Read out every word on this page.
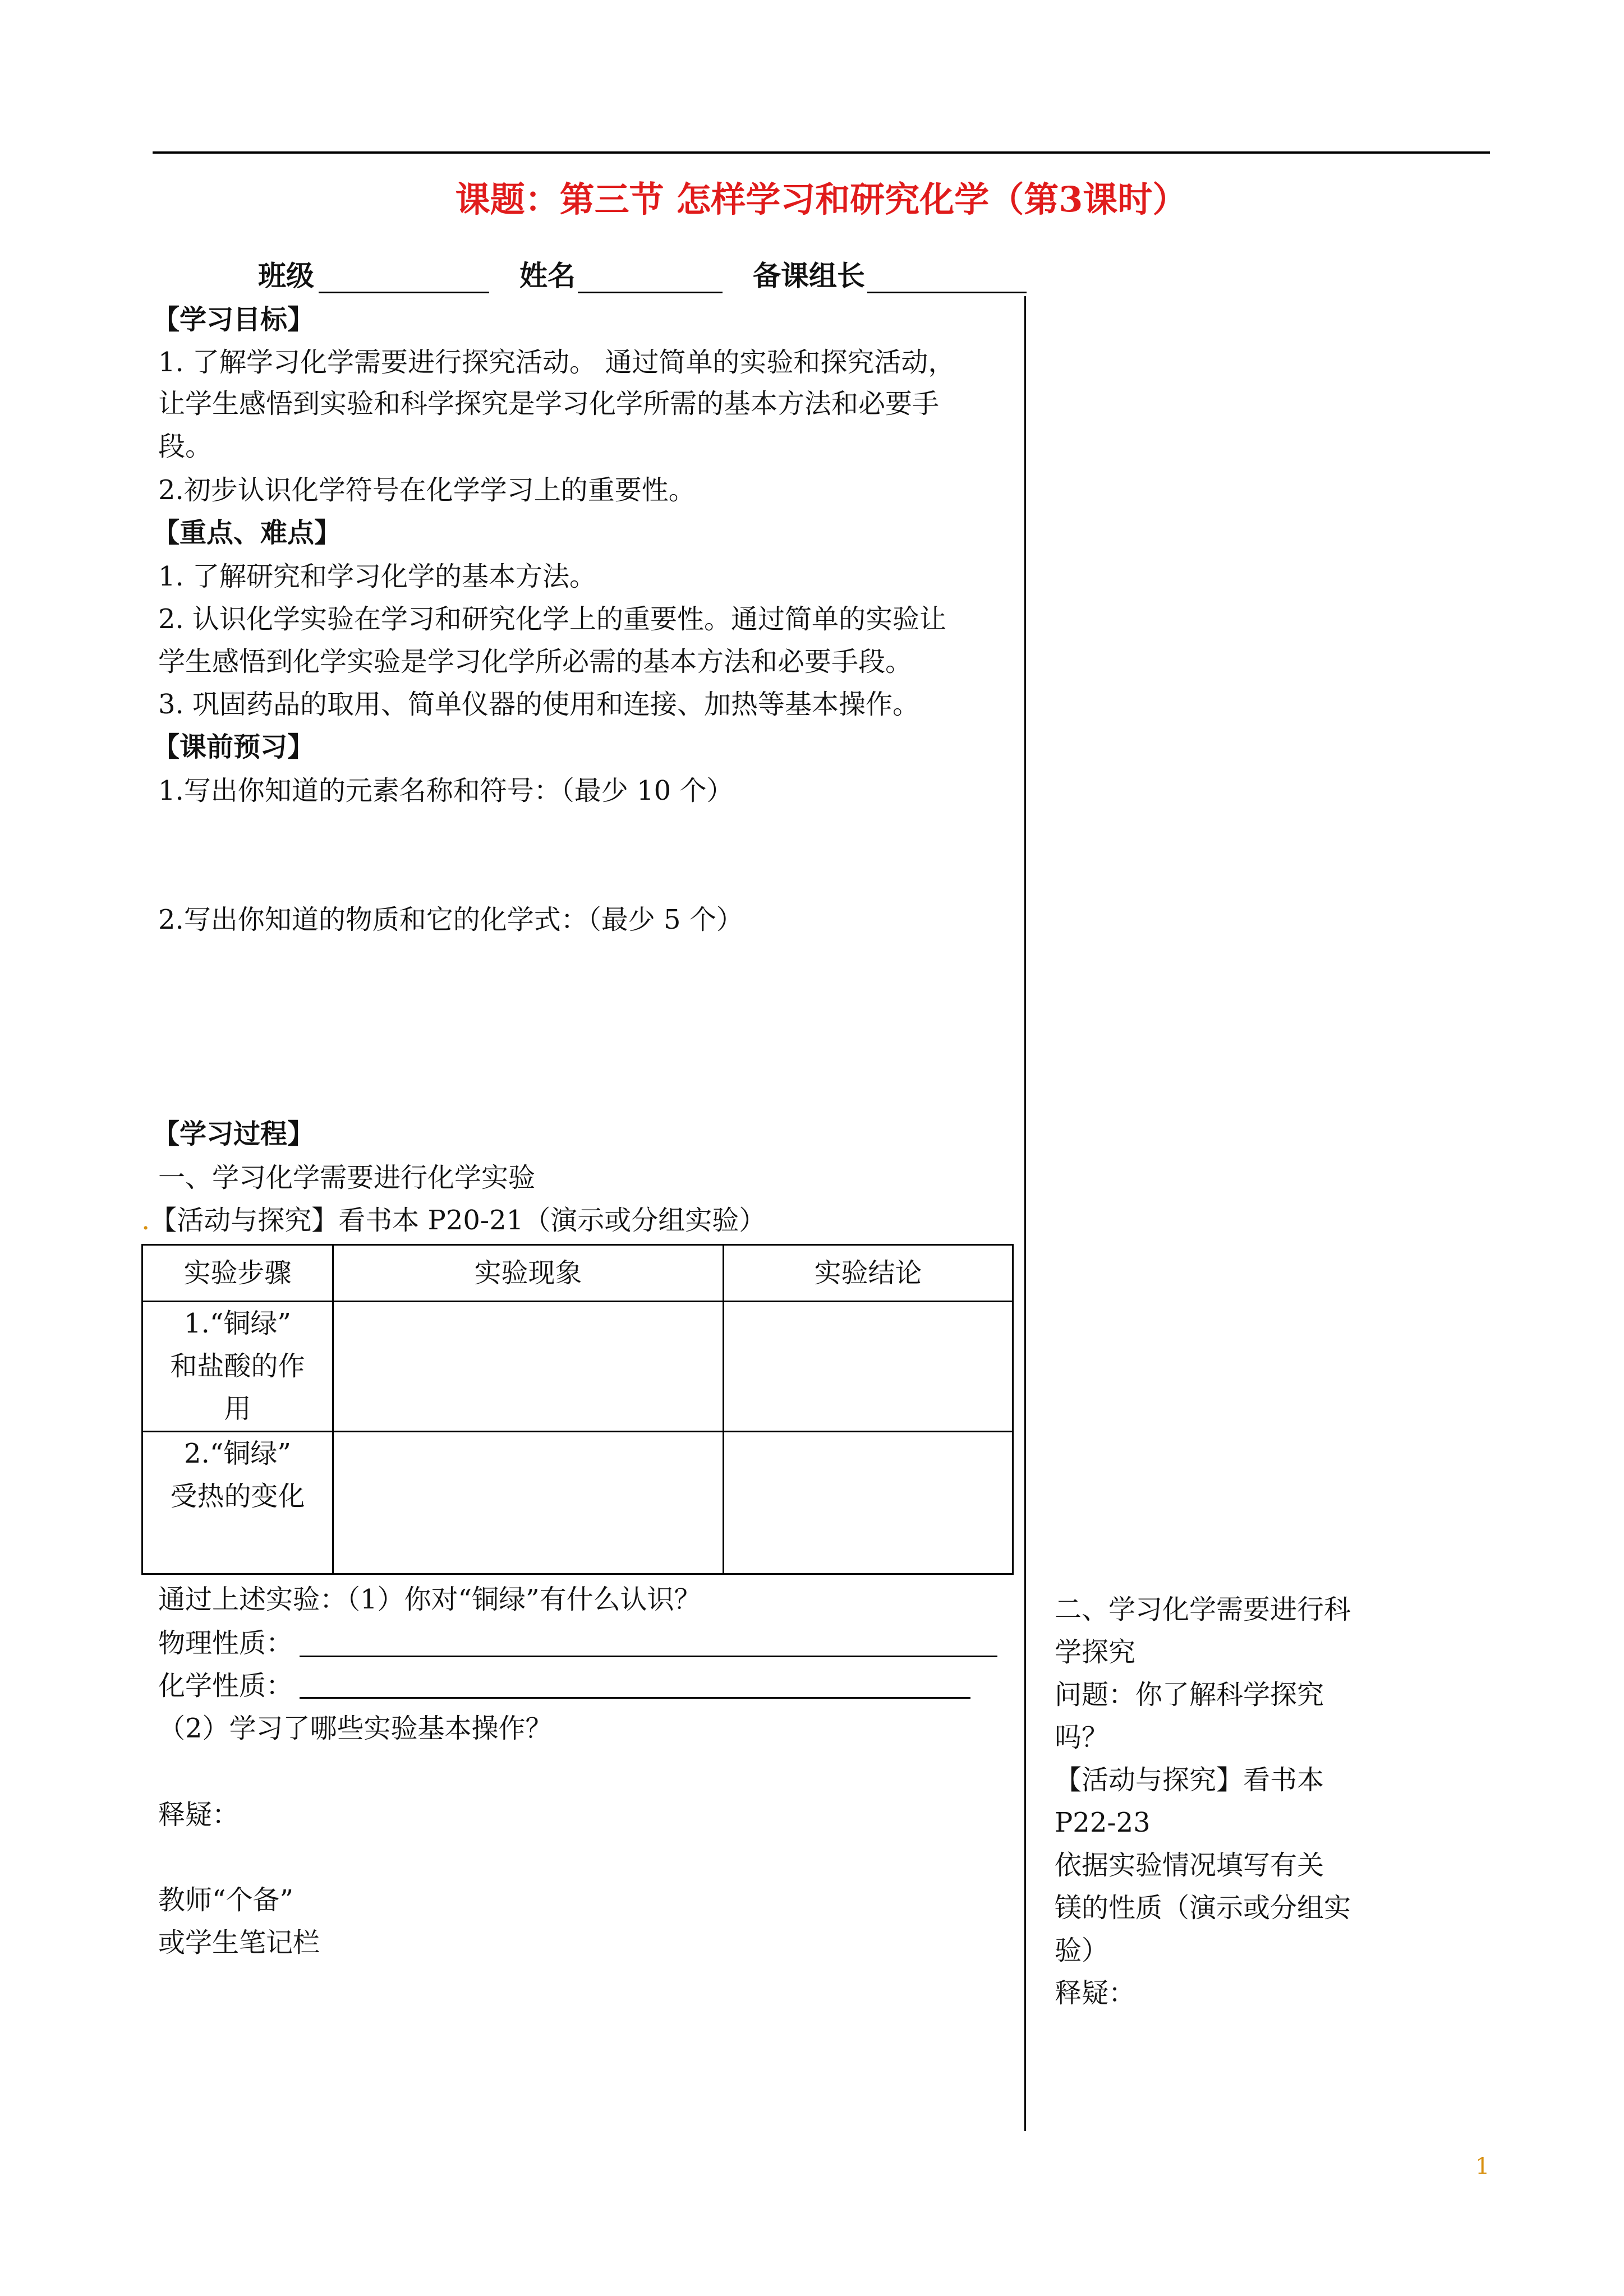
课题：第三节 怎样学习和研究化学（第3课时）
班级	姓名	备课组长
【学习目标】
1. 了解学习化学需要进行探究活动。 通过简单的实验和探究活动，
让学生感悟到实验和科学探究是学习化学所需的基本方法和必要手
段。
2.初步认识化学符号在化学学习上的重要性。
【重点、难点】
1. 了解研究和学习化学的基本方法。
2. 认识化学实验在学习和研究化学上的重要性。通过简单的实验让
学生感悟到化学实验是学习化学所必需的基本方法和必要手段。
3. 巩固药品的取用、简单仪器的使用和连接、加热等基本操作。
【课前预习】
1.写出你知道的元素名称和符号：（最少 10 个）
2.写出你知道的物质和它的化学式：（最少 5 个）
【学习过程】
一、学习化学需要进行化学实验
.【活动与探究】看书本 P20-21（演示或分组实验）
实验步骤	实验现象	实验结论

1.“铜绿”
和盐酸的作
用		

2.“铜绿”
受热的变化		

通过上述实验：（1）你对“铜绿”有什么认识？
物理性质：
化学性质：
（2）学习了哪些实验基本操作？
释疑：
教师“个备”
或学生笔记栏
二、学习化学需要进行科
学探究
问题：你了解科学探究
吗？
【活动与探究】看书本
P22-23
依据实验情况填写有关
镁的性质（演示或分组实
验）
释疑：
1
